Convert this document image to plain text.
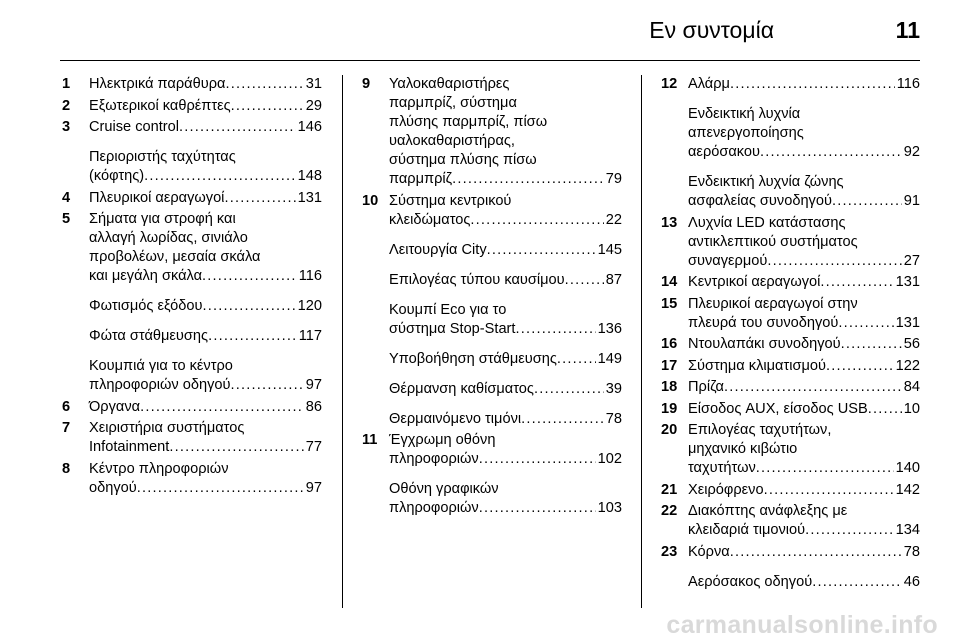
Εν συντομία	11
1 Ηλεκτρικά παράθυρα .....	31
2 Εξωτερικοί καθρέπτες .....	29
3 Cruise control .....	146
Περιοριστής ταχύτητας
(κόφτης) .....	148
4 Πλευρικοί αεραγωγοί .....	131
5 Σήματα για στροφή και
αλλαγή λωρίδας, σινιάλο
προβολέων, μεσαία σκάλα
και μεγάλη σκάλα .....	116
Φωτισμός εξόδου .....	120
Φώτα στάθμευσης .....	117
Κουμπιά για το κέντρο
πληροφοριών οδηγού .....	97
6 Όργανα .....	86
7 Χειριστήρια συστήματος
Infotainment .....	77
8 Κέντρο πληροφοριών
οδηγού .....	97
9 Υαλοκαθαριστήρες
παρμπρίζ, σύστημα
πλύσης παρμπρίζ, πίσω
υαλοκαθαριστήρας,
σύστημα πλύσης πίσω
παρμπρίζ .....	79
10 Σύστημα κεντρικού
κλειδώματος .....	22
Λειτουργία City .....	145
Επιλογέας τύπου καυσίμου .....	87
Κουμπί Eco για το
σύστημα Stop-Start .....	136
Υποβοήθηση στάθμευσης .....	149
Θέρμανση καθίσματος .....	39
Θερμαινόμενο τιμόνι .....	78
11 Έγχρωμη οθόνη
πληροφοριών .....	102
Οθόνη γραφικών
πληροφοριών .....	103
12 Αλάρμ .....	116
Ενδεικτική λυχνία
απενεργοποίησης
αερόσακου .....	92
Ενδεικτική λυχνία ζώνης
ασφαλείας συνοδηγού .....	91
13 Λυχνία LED κατάστασης
αντικλεπτικού συστήματος
συναγερμού .....	27
14 Κεντρικοί αεραγωγοί .....	131
15 Πλευρικοί αεραγωγοί στην
πλευρά του συνοδηγού .....	131
16 Ντουλαπάκι συνοδηγού .....	56
17 Σύστημα κλιματισμού .....	122
18 Πρίζα .....	84
19 Είσοδος AUX, είσοδος USB ..... 10
20 Επιλογέας ταχυτήτων,
μηχανικό κιβώτιο
ταχυτήτων .....	140
21 Χειρόφρενο .....	142
22 Διακόπτης ανάφλεξης με
κλειδαριά τιμονιού .....	134
23 Κόρνα .....	78
Αερόσακος οδηγού .....	46
carmanualsonline.info
